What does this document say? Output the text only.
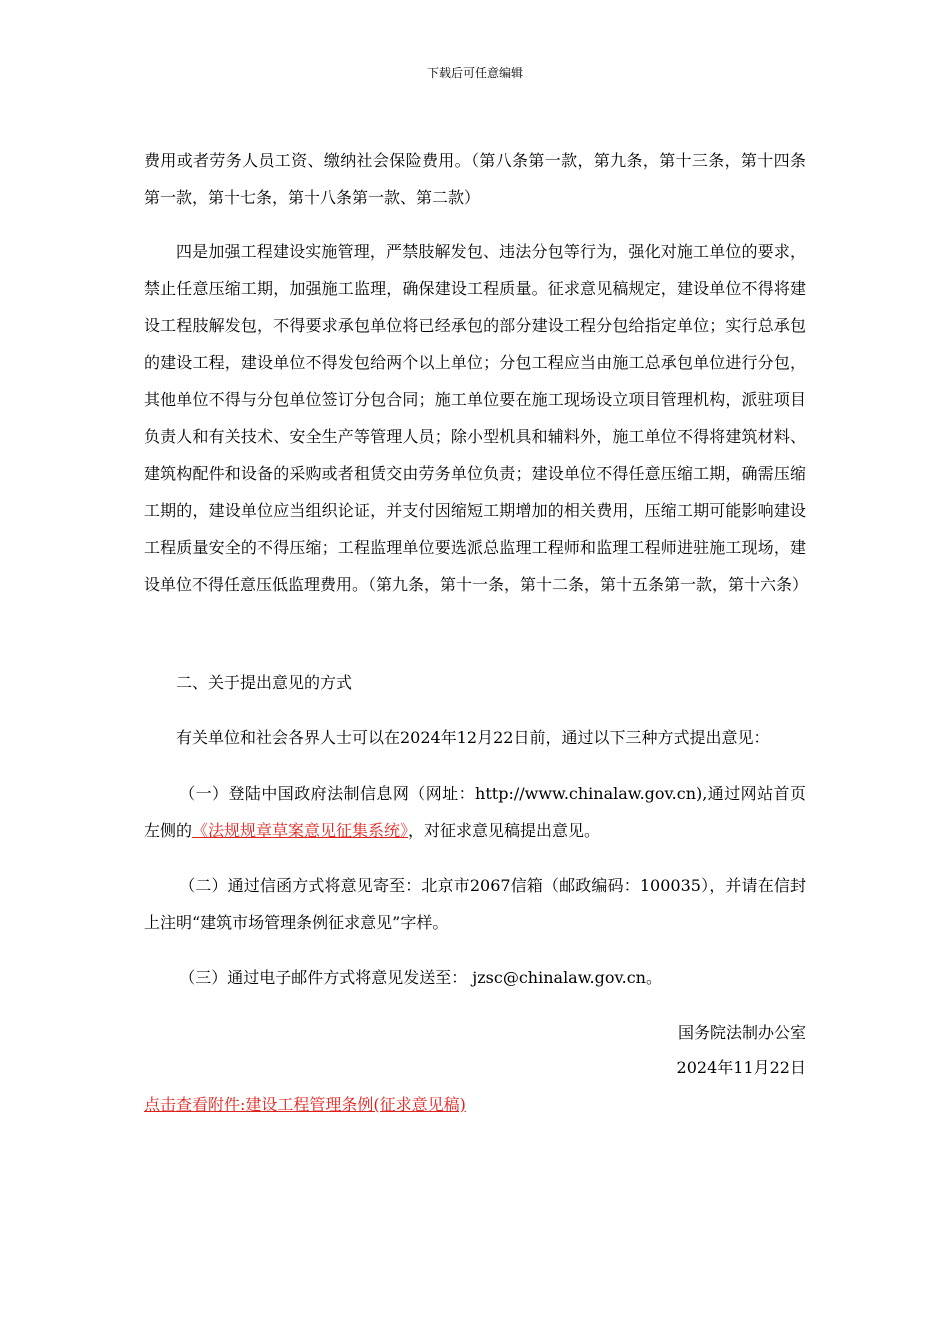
下载后可任意编辑

费用或者劳务人员工资、缴纳社会保险费用。（第八条第一款，第九条，第十三条，第十四条第一款，第十七条，第十八条第一款、第二款）

四是加强工程建设实施管理，严禁肢解发包、违法分包等行为，强化对施工单位的要求，禁止任意压缩工期，加强施工监理，确保建设工程质量。征求意见稿规定，建设单位不得将建设工程肢解发包，不得要求承包单位将已经承包的部分建设工程分包给指定单位；实行总承包的建设工程，建设单位不得发包给两个以上单位；分包工程应当由施工总承包单位进行分包，其他单位不得与分包单位签订分包合同；施工单位要在施工现场设立项目管理机构，派驻项目负责人和有关技术、安全生产等管理人员；除小型机具和辅料外，施工单位不得将建筑材料、建筑构配件和设备的采购或者租赁交由劳务单位负责；建设单位不得任意压缩工期，确需压缩工期的，建设单位应当组织论证，并支付因缩短工期增加的相关费用，压缩工期可能影响建设工程质量安全的不得压缩；工程监理单位要选派总监理工程师和监理工程师进驻施工现场，建设单位不得任意压低监理费用。（第九条，第十一条，第十二条，第十五条第一款，第十六条）

二、关于提出意见的方式

有关单位和社会各界人士可以在2024年12月22日前，通过以下三种方式提出意见：

（一）登陆中国政府法制信息网（网址：http://www.chinalaw.gov.cn),通过网站首页左侧的《法规规章草案意见征集系统》，对征求意见稿提出意见。

（二）通过信函方式将意见寄至：北京市2067信箱（邮政编码：100035），并请在信封上注明“建筑市场管理条例征求意见”字样。

（三）通过电子邮件方式将意见发送至： jzsc@chinalaw.gov.cn。

国务院法制办公室
2024年11月22日
点击查看附件:建设工程管理条例(征求意见稿)
